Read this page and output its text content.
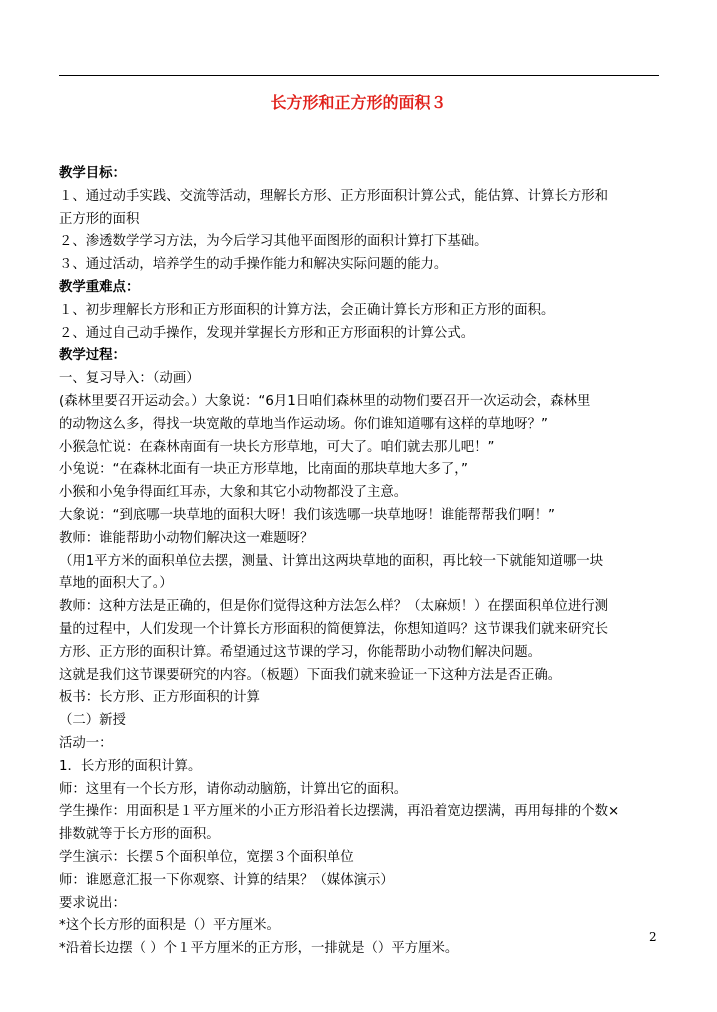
长方形和正方形的面积３
教学目标：
１、通过动手实践、交流等活动，理解长方形、正方形面积计算公式，能估算、计算长方形和
正方形的面积
２、渗透数学学习方法，为今后学习其他平面图形的面积计算打下基础。
３、通过活动，培养学生的动手操作能力和解决实际问题的能力。
教学重难点：
１、初步理解长方形和正方形面积的计算方法，会正确计算长方形和正方形的面积。
２、通过自己动手操作，发现并掌握长方形和正方形面积的计算公式。
教学过程：
一、复习导入：（动画）
(森林里要召开运动会。）大象说：“6月1日咱们森林里的动物们要召开一次运动会，森林里
的动物这么多，得找一块宽敞的草地当作运动场。你们谁知道哪有这样的草地呀？”
小猴急忙说：在森林南面有一块长方形草地，可大了。咱们就去那儿吧！”
小兔说：“在森林北面有一块正方形草地，比南面的那块草地大多了，”
小猴和小兔争得面红耳赤，大象和其它小动物都没了主意。
大象说：“到底哪一块草地的面积大呀！我们该选哪一块草地呀！谁能帮帮我们啊！”
教师：谁能帮助小动物们解决这一难题呀？
（用1平方米的面积单位去摆，测量、计算出这两块草地的面积，再比较一下就能知道哪一块
草地的面积大了。）
教师：这种方法是正确的，但是你们觉得这种方法怎么样？（太麻烦！）在摆面积单位进行测
量的过程中，人们发现一个计算长方形面积的简便算法，你想知道吗？这节课我们就来研究长
方形、正方形的面积计算。希望通过这节课的学习，你能帮助小动物们解决问题。
这就是我们这节课要研究的内容。（板题）下面我们就来验证一下这种方法是否正确。
板书：长方形、正方形面积的计算
（二）新授
活动一：
1．长方形的面积计算。
师：这里有一个长方形，请你动动脑筋，计算出它的面积。
学生操作：用面积是１平方厘米的小正方形沿着长边摆满，再沿着宽边摆满，再用每排的个数×
排数就等于长方形的面积。
学生演示：长摆５个面积单位，宽摆３个面积单位
师：谁愿意汇报一下你观察、计算的结果？（媒体演示）
要求说出：
*这个长方形的面积是（）平方厘米。
*沿着长边摆（ ）个１平方厘米的正方形，一排就是（）平方厘米。
2
